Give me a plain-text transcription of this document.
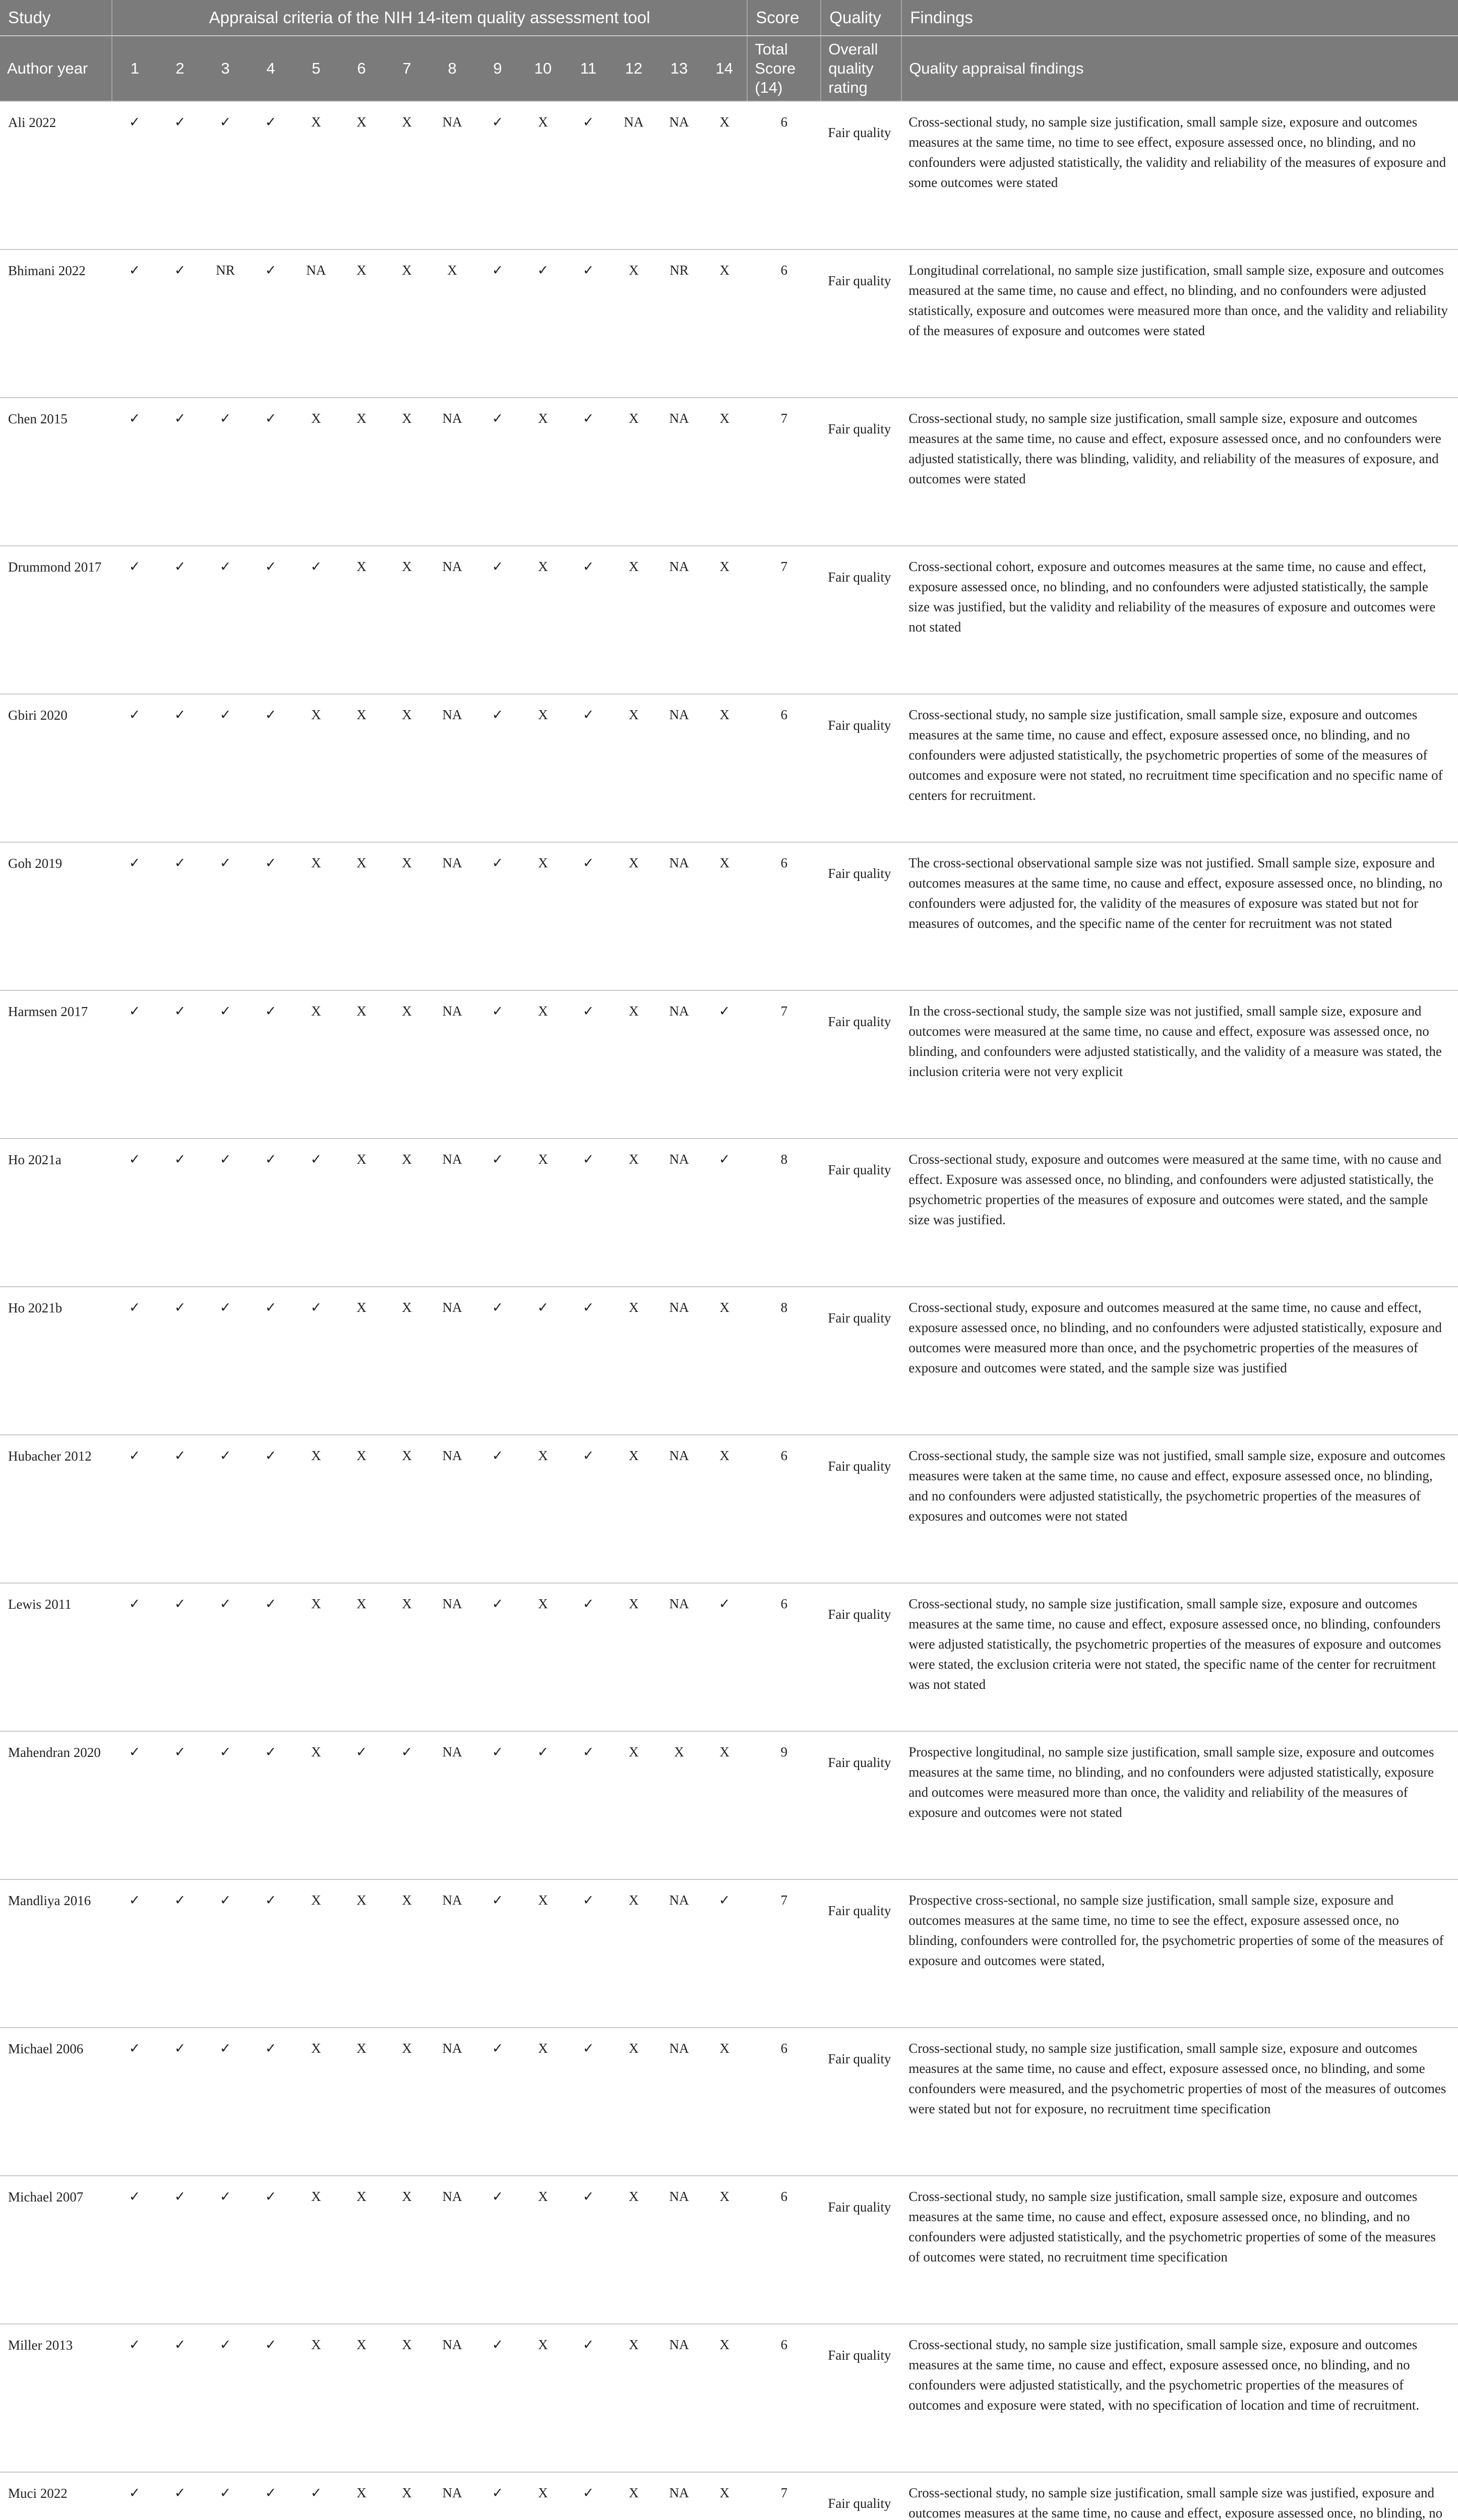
Study	Appraisal criteria of the NIH 14-item quality assessment tool														Score	Quality	Findings
Author year	1	2	3	4	5	6	7	8	9	10	11	12	13	14	Total Score (14)	Overall quality rating	Quality appraisal findings
Ali 2022	✓	✓	✓	✓	X	X	X	NA	✓	X	✓	NA	NA	X	6	Fair quality	Cross-sectional study, no sample size justification, small sample size, exposure and outcomes measures at the same time, no time to see effect, exposure assessed once, no blinding, and no confounders were adjusted statistically, the validity and reliability of the measures of exposure and some outcomes were stated
Bhimani 2022	✓	✓	NR	✓	NA	X	X	X	✓	✓	✓	X	NR	X	6	Fair quality	Longitudinal correlational, no sample size justification, small sample size, exposure and outcomes measured at the same time, no cause and effect, no blinding, and no confounders were adjusted statistically, exposure and outcomes were measured more than once, and the validity and reliability of the measures of exposure and outcomes were stated
Chen 2015	✓	✓	✓	✓	X	X	X	NA	✓	X	✓	X	NA	X	7	Fair quality	Cross-sectional study, no sample size justification, small sample size, exposure and outcomes measures at the same time, no cause and effect, exposure assessed once, and no confounders were adjusted statistically, there was blinding, validity, and reliability of the measures of exposure, and outcomes were stated
Drummond 2017	✓	✓	✓	✓	✓	X	X	NA	✓	X	✓	X	NA	X	7	Fair quality	Cross-sectional cohort, exposure and outcomes measures at the same time, no cause and effect, exposure assessed once, no blinding, and no confounders were adjusted statistically, the sample size was justified, but the validity and reliability of the measures of exposure and outcomes were not stated
Gbiri 2020	✓	✓	✓	✓	X	X	X	NA	✓	X	✓	X	NA	X	6	Fair quality	Cross-sectional study, no sample size justification, small sample size, exposure and outcomes measures at the same time, no cause and effect, exposure assessed once, no blinding, and no confounders were adjusted statistically, the psychometric properties of some of the measures of outcomes and exposure were not stated, no recruitment time specification and no specific name of centers for recruitment.
Goh 2019	✓	✓	✓	✓	X	X	X	NA	✓	X	✓	X	NA	X	6	Fair quality	The cross-sectional observational sample size was not justified. Small sample size, exposure and outcomes measures at the same time, no cause and effect, exposure assessed once, no blinding, no confounders were adjusted for, the validity of the measures of exposure was stated but not for measures of outcomes, and the specific name of the center for recruitment was not stated
Harmsen 2017	✓	✓	✓	✓	X	X	X	NA	✓	X	✓	X	NA	✓	7	Fair quality	In the cross-sectional study, the sample size was not justified, small sample size, exposure and outcomes were measured at the same time, no cause and effect, exposure was assessed once, no blinding, and confounders were adjusted statistically, and the validity of a measure was stated, the inclusion criteria were not very explicit
Ho 2021a	✓	✓	✓	✓	✓	X	X	NA	✓	X	✓	X	NA	✓	8	Fair quality	Cross-sectional study, exposure and outcomes were measured at the same time, with no cause and effect. Exposure was assessed once, no blinding, and confounders were adjusted statistically, the psychometric properties of the measures of exposure and outcomes were stated, and the sample size was justified.
Ho 2021b	✓	✓	✓	✓	✓	X	X	NA	✓	✓	✓	X	NA	X	8	Fair quality	Cross-sectional study, exposure and outcomes measured at the same time, no cause and effect, exposure assessed once, no blinding, and no confounders were adjusted statistically, exposure and outcomes were measured more than once, and the psychometric properties of the measures of exposure and outcomes were stated, and the sample size was justified
Hubacher 2012	✓	✓	✓	✓	X	X	X	NA	✓	X	✓	X	NA	X	6	Fair quality	Cross-sectional study, the sample size was not justified, small sample size, exposure and outcomes measures were taken at the same time, no cause and effect, exposure assessed once, no blinding, and no confounders were adjusted statistically, the psychometric properties of the measures of exposures and outcomes were not stated
Lewis 2011	✓	✓	✓	✓	X	X	X	NA	✓	X	✓	X	NA	✓	6	Fair quality	Cross-sectional study, no sample size justification, small sample size, exposure and outcomes measures at the same time, no cause and effect, exposure assessed once, no blinding, confounders were adjusted statistically, the psychometric properties of the measures of exposure and outcomes were stated, the exclusion criteria were not stated, the specific name of the center for recruitment was not stated
Mahendran 2020	✓	✓	✓	✓	X	✓	✓	NA	✓	✓	✓	X	X	X	9	Fair quality	Prospective longitudinal, no sample size justification, small sample size, exposure and outcomes measures at the same time, no blinding, and no confounders were adjusted statistically, exposure and outcomes were measured more than once, the validity and reliability of the measures of exposure and outcomes were not stated
Mandliya 2016	✓	✓	✓	✓	X	X	X	NA	✓	X	✓	X	NA	✓	7	Fair quality	Prospective cross-sectional, no sample size justification, small sample size, exposure and outcomes measures at the same time, no time to see the effect, exposure assessed once, no blinding, confounders were controlled for, the psychometric properties of some of the measures of exposure and outcomes were stated,
Michael 2006	✓	✓	✓	✓	X	X	X	NA	✓	X	✓	X	NA	X	6	Fair quality	Cross-sectional study, no sample size justification, small sample size, exposure and outcomes measures at the same time, no cause and effect, exposure assessed once, no blinding, and some confounders were measured, and the psychometric properties of most of the measures of outcomes were stated but not for exposure, no recruitment time specification
Michael 2007	✓	✓	✓	✓	X	X	X	NA	✓	X	✓	X	NA	X	6	Fair quality	Cross-sectional study, no sample size justification, small sample size, exposure and outcomes measures at the same time, no cause and effect, exposure assessed once, no blinding, and no confounders were adjusted statistically, and the psychometric properties of some of the measures of outcomes were stated, no recruitment time specification
Miller 2013	✓	✓	✓	✓	X	X	X	NA	✓	X	✓	X	NA	X	6	Fair quality	Cross-sectional study, no sample size justification, small sample size, exposure and outcomes measures at the same time, no cause and effect, exposure assessed once, no blinding, and no confounders were adjusted statistically, and the psychometric properties of the measures of outcomes and exposure were stated, with no specification of location and time of recruitment.
Muci 2022	✓	✓	✓	✓	✓	X	X	NA	✓	X	✓	X	NA	X	7	Fair quality	Cross-sectional study, no sample size justification, small sample size was justified, exposure and outcomes measures at the same time, no cause and effect, exposure assessed once, no blinding, no
